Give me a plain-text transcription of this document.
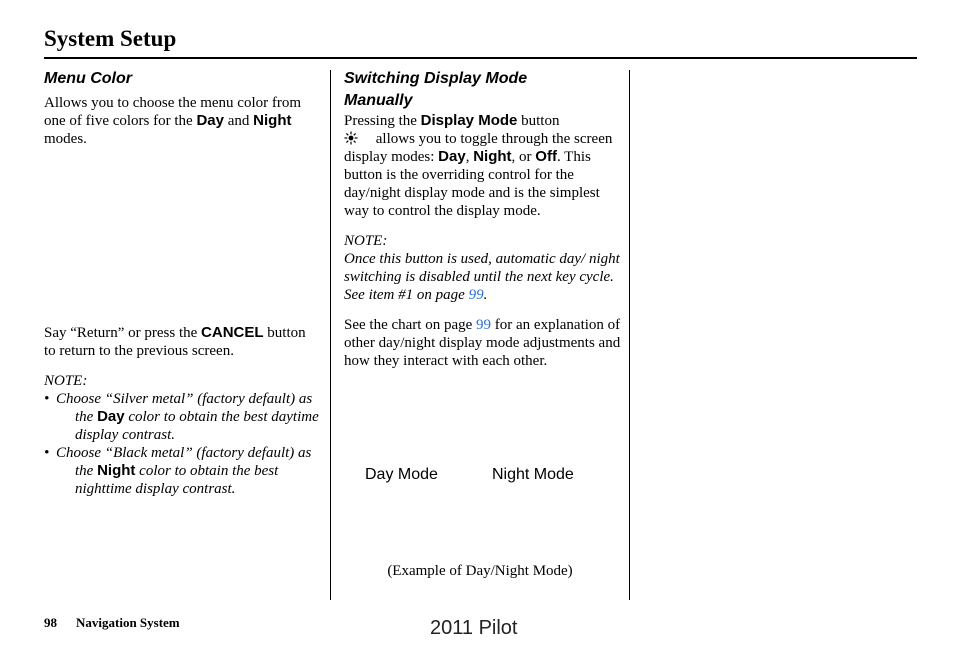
System Setup
Menu Color

Allows you to choose the menu color from one of five colors for the Day and Night modes.

Say “Return” or press the CANCEL button to return to the previous screen.

NOTE:

• Choose “Silver metal” (factory default) as the Day color to obtain the best daytime display contrast.
• Choose “Black metal” (factory default) as the Night color to obtain the best nighttime display contrast.
Switching Display Mode
Manually

Pressing the Display Mode button
allows you to toggle through the screen display modes: Day, Night, or Off. This button is the overriding control for the day/night display mode and is the simplest way to control the display mode.

NOTE:

Once this button is used, automatic day/ night switching is disabled until the next key cycle. See item #1 on page 99.

See the chart on page 99 for an explanation of other day/night display mode adjustments and how they interact with each other.

Day Mode	Night Mode
(Example of Day/Night Mode)
98 Navigation System	2011 Pilot
